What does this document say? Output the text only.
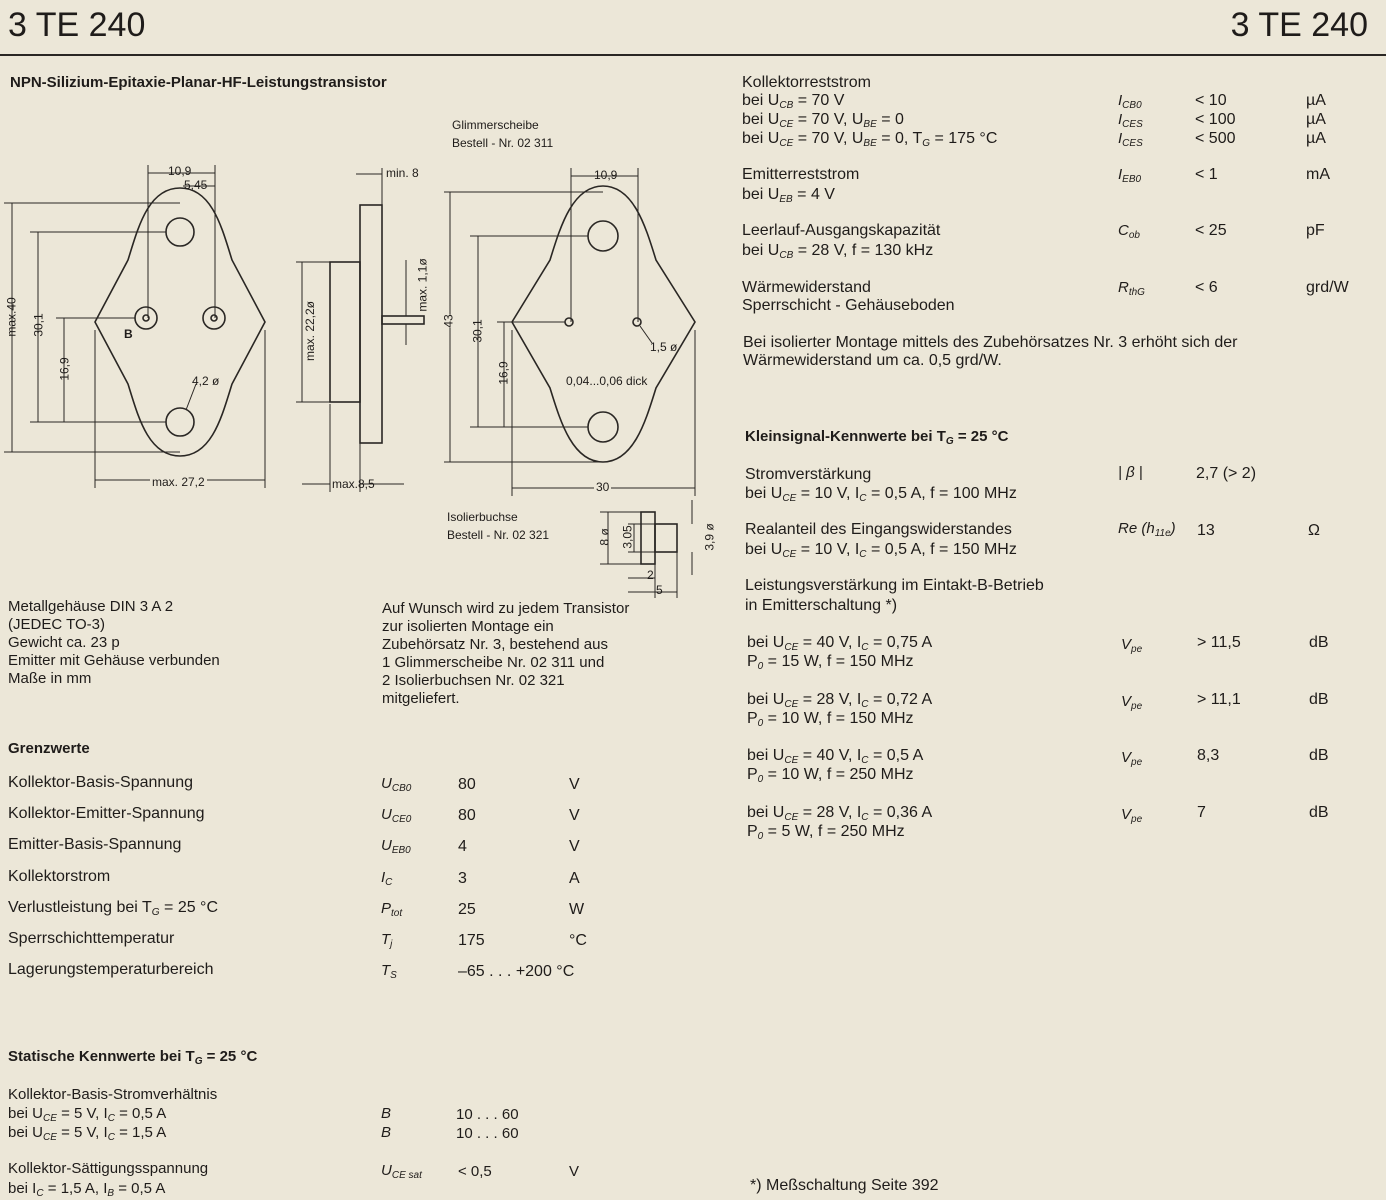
3 TE 240	3 TE 240
NPN-Silizium-Epitaxie-Planar-HF-Leistungstransistor
Glimmerscheibe
Bestell - Nr. 02 311
Isolierbuchse
Bestell - Nr. 02 321
B
4,2 ø
1,5 ø
0,04...0,06 dick
10,9
5,45
max.40 30,1
16,9
max. 27,2
min. 8
max. 22,2ø
max. 1,1ø
max.8,5
10,9
43 30,1
16,9
30
8 ø 3,05	3,9 ø
2
5
Metallgehäuse DIN 3 A 2
(JEDEC TO-3)
Gewicht ca. 23 p
Emitter mit Gehäuse verbunden
Maße in mm
Auf Wunsch wird zu jedem Transistor
zur isolierten Montage ein
Zubehörsatz Nr. 3, bestehend aus
1 Glimmerscheibe Nr. 02 311 und
2 Isolierbuchsen Nr. 02 321
mitgeliefert.
Grenzwerte
Kollektor-Basis-Spannung	$U_{CB0}$	80	V
Kollektor-Emitter-Spannung	$U_{CE0}$	80	V
Emitter-Basis-Spannung	$U_{EB0}$	4	V
Kollektorstrom	$I_C$	3	A
Verlustleistung bei $T_G = 25$ °C	$P_{tot}$	25	W
Sperrschichttemperatur	$T_j$	175	°C
Lagerungstemperaturbereich	$T_S$	–65 . . . +200 °C
Statische Kennwerte bei $T_G = 25$ °C
Kollektor-Basis-Stromverhältnis
bei $U_{CE} = 5$ V, $I_C = 0,5$ A	B	10 . . . 60
bei $U_{CE} = 5$ V, $I_C = 1,5$ A	B	10 . . . 60
Kollektor-Sättigungsspannung
bei $I_C = 1,5$ A, $I_B = 0,5$ A
$U_{CE sat} < 0,5$	V
Kollektorreststrom
bei $U_{CB} = 70$ V	$I_{CB0}$	< 10	µA
bei $U_{CE} = 70$ V, $U_{BE} = 0$	$I_{CES}$	< 100	µA
bei $U_{CE} = 70$ V, $U_{BE} = 0$, $T_G = 175$ °C	$I_{CES}$	< 500	µA
Emitterreststrom
bei $U_{EB} = 4$ V
$I_{EB0}$	< 1	mA
Leerlauf-Ausgangskapazität
bei $U_{CB} = 28$ V, f = 130 kHz
$C_{ob}$	< 25	pF
Wärmewiderstand
Sperrschicht - Gehäuseboden
$R_{thG}$	< 6	grd/W
Bei isolierter Montage mittels des Zubehörsatzes Nr. 3 erhöht sich der
Wärmewiderstand um ca. 0,5 grd/W.
Kleinsignal-Kennwerte bei $T_G = 25$ °C
Stromverstärkung
bei $U_{CE} = 10$ V, $I_C = 0,5$ A, f = 100 MHz
| β |	2,7 (> 2)
Realanteil des Eingangswiderstandes
bei $U_{CE} = 10$ V, $I_C = 0,5$ A, f = 150 MHz
Re $(h_{11e})$ 13	Ω
Leistungsverstärkung im Eintakt-B-Betrieb
in Emitterschaltung *)
bei $U_{CE} = 40$ V, $I_C = 0,75$ A
$P_0 = 15$ W, f = 150 MHz
$V_{pe}$	> 11,5	dB
bei $U_{CE} = 28$ V, $I_C = 0,72$ A
$P_0 = 10$ W, f = 150 MHz
$V_{pe}$	> 11,1	dB
bei $U_{CE} = 40$ V, $I_C = 0,5$ A
$P_0 = 10$ W, f = 250 MHz
$V_{pe}$	8,3	dB
bei $U_{CE} = 28$ V, $I_C = 0,36$ A
$P_0 = 5$ W, f = 250 MHz
$V_{pe}$	7	dB
*) Meßschaltung Seite 392
